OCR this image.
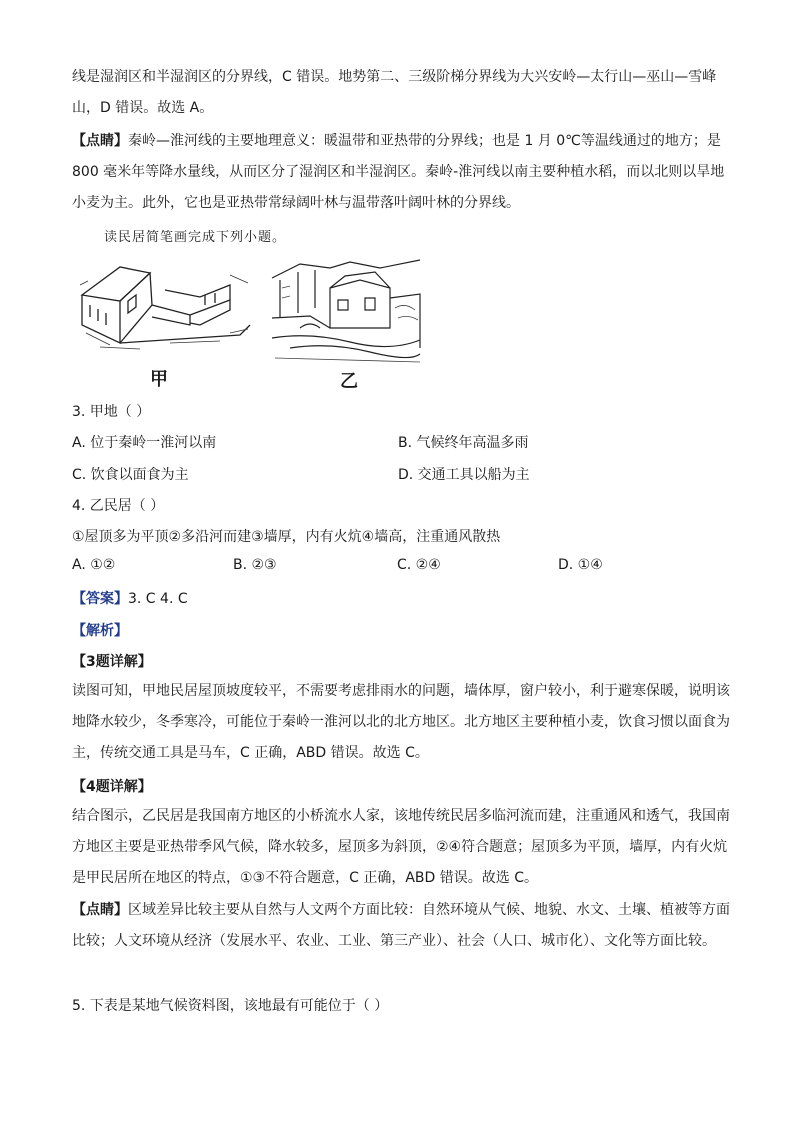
线是湿润区和半湿润区的分界线，C 错误。地势第二、三级阶梯分界线为大兴安岭—太行山—巫山—雪峰
山，D 错误。故选 A。

【点睛】秦岭—淮河线的主要地理意义：暖温带和亚热带的分界线；也是 1 月 0℃等温线通过的地方；是 800 毫米年等降水量线，从而区分了湿润区和半湿润区。秦岭-淮河线以南主要种植水稻，而以北则以旱地小麦为主。此外，它也是亚热带常绿阔叶林与温带落叶阔叶林的分界线。

读民居简笔画完成下列小题。
甲	乙
3. 甲地（ ）
A. 位于秦岭一淮河以南	B. 气候终年高温多雨
C. 饮食以面食为主	D. 交通工具以船为主
4. 乙民居（ ）
①屋顶多为平顶②多沿河而建③墙厚，内有火炕④墙高，注重通风散热
A. ①②	B. ②③	C. ②④	D. ①④
【答案】3. C 4. C
【解析】
【3题详解】

读图可知，甲地民居屋顶坡度较平，不需要考虑排雨水的问题，墙体厚，窗户较小，利于避寒保暖，说明该地降水较少，冬季寒冷，可能位于秦岭一淮河以北的北方地区。北方地区主要种植小麦，饮食习惯以面食为主，传统交通工具是马车，C 正确，ABD 错误。故选 C。

【4题详解】

结合图示，乙民居是我国南方地区的小桥流水人家，该地传统民居多临河流而建，注重通风和透气，我国南方地区主要是亚热带季风气候，降水较多，屋顶多为斜顶，②④符合题意；屋顶多为平顶，墙厚，内有火炕是甲民居所在地区的特点，①③不符合题意，C 正确，ABD 错误。故选 C。

【点睛】区域差异比较主要从自然与人文两个方面比较：自然环境从气候、地貌、水文、土壤、植被等方面比较；人文环境从经济（发展水平、农业、工业、第三产业）、社会（人口、城市化）、文化等方面比较。

5. 下表是某地气候资料图，该地最有可能位于（ ）
